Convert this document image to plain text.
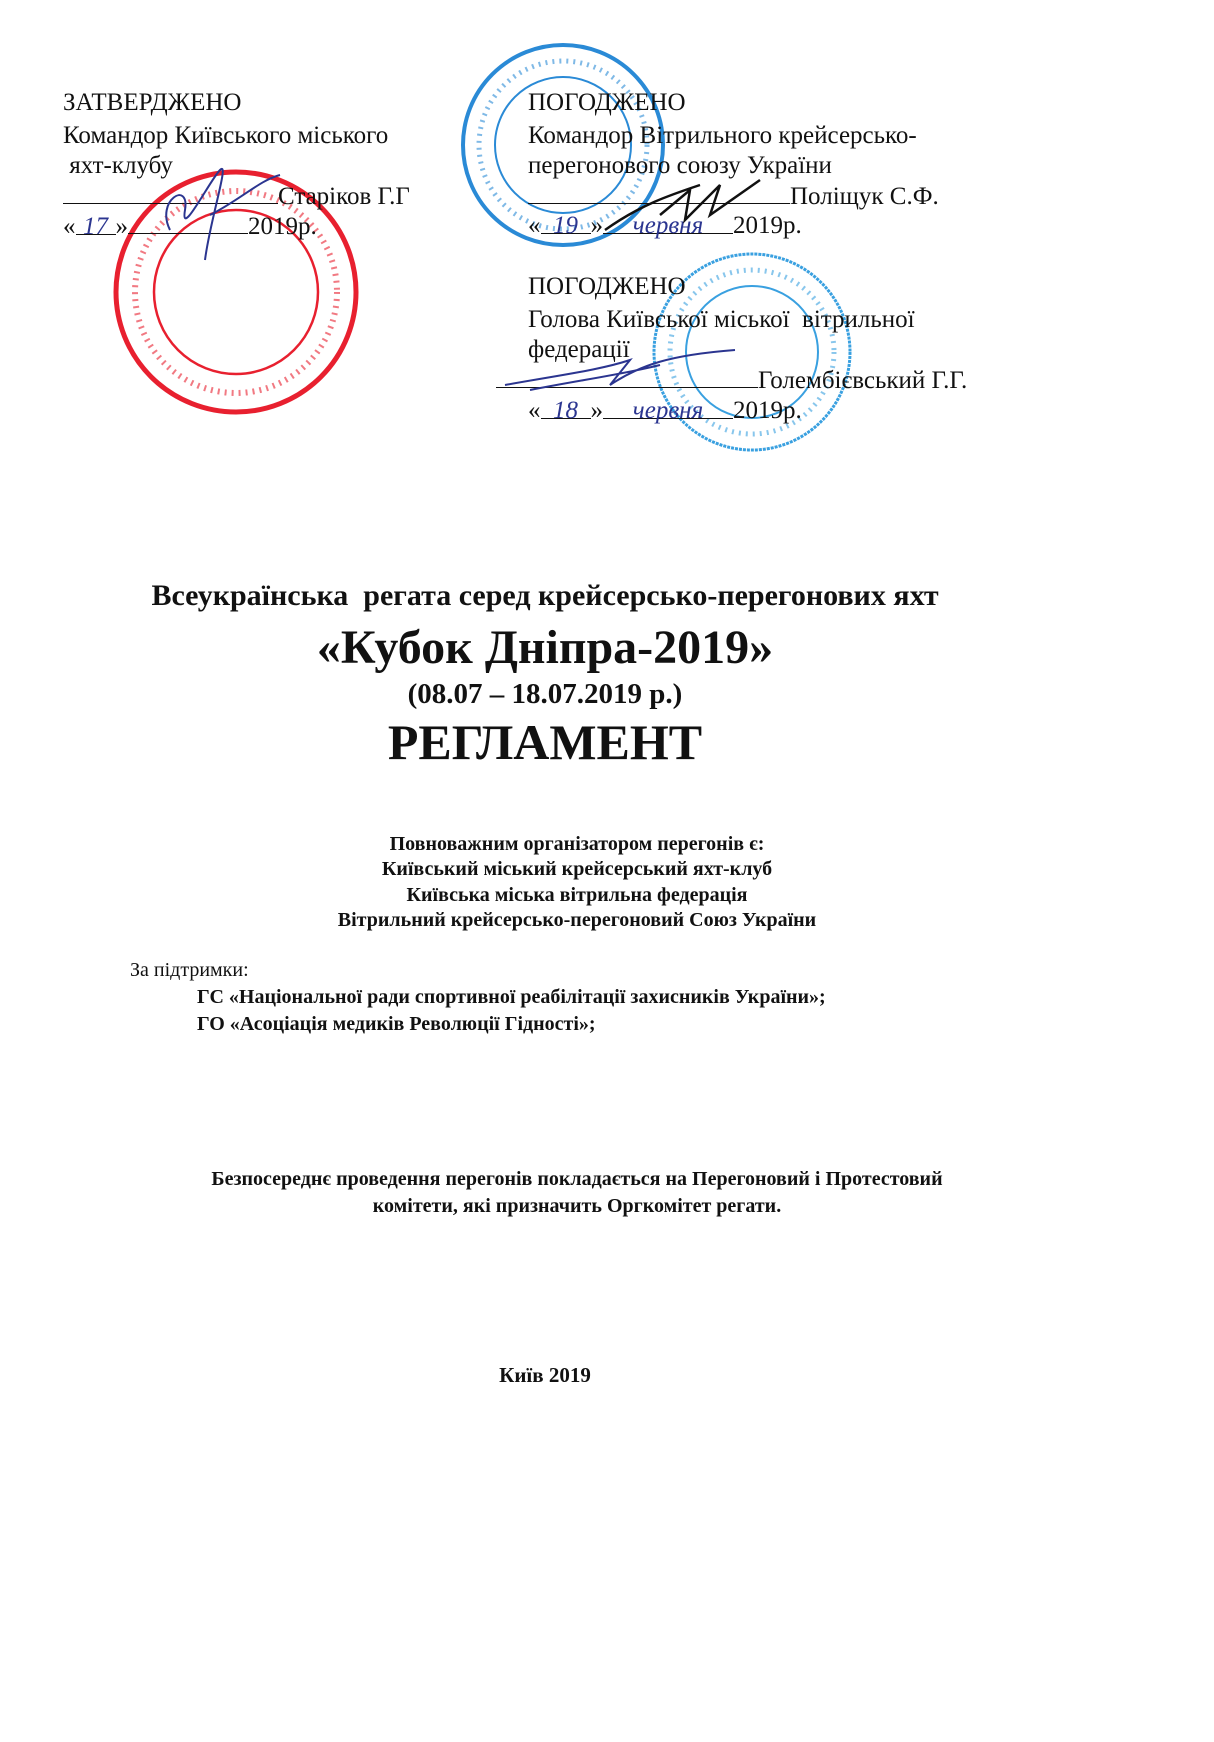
ЗАТВЕРДЖЕНО
Командор Київського міського
яхт-клубу
Старіков Г.Г
« 17 »	2019р.
ПОГОДЖЕНО
Командор Вітрильного крейсерсько-
перегонового союзу України
Поліщук С.Ф.
« 19 » червня 2019р.
ПОГОДЖЕНО
Голова Київської міської  вітрильної
федерації
Голембієвський Г.Г.
« 18 » червня 2019р.
Всеукраїнська  регата серед крейсерсько-перегонових яхт
«Кубок Дніпра-2019»
(08.07 – 18.07.2019 р.)
РЕГЛАМЕНТ
Повноважним організатором перегонів є:
Київський міський крейсерський яхт-клуб
Київська міська вітрильна федерація
Вітрильний крейсерсько-перегоновий Союз України
За підтримки:
ГС «Національної ради спортивної реабілітації захисників України»;
ГО «Асоціація медиків Революції Гідності»;
Безпосереднє проведення перегонів покладається на Перегоновий і Протестовий
комітети, які призначить Оргкомітет регати.
Київ 2019
